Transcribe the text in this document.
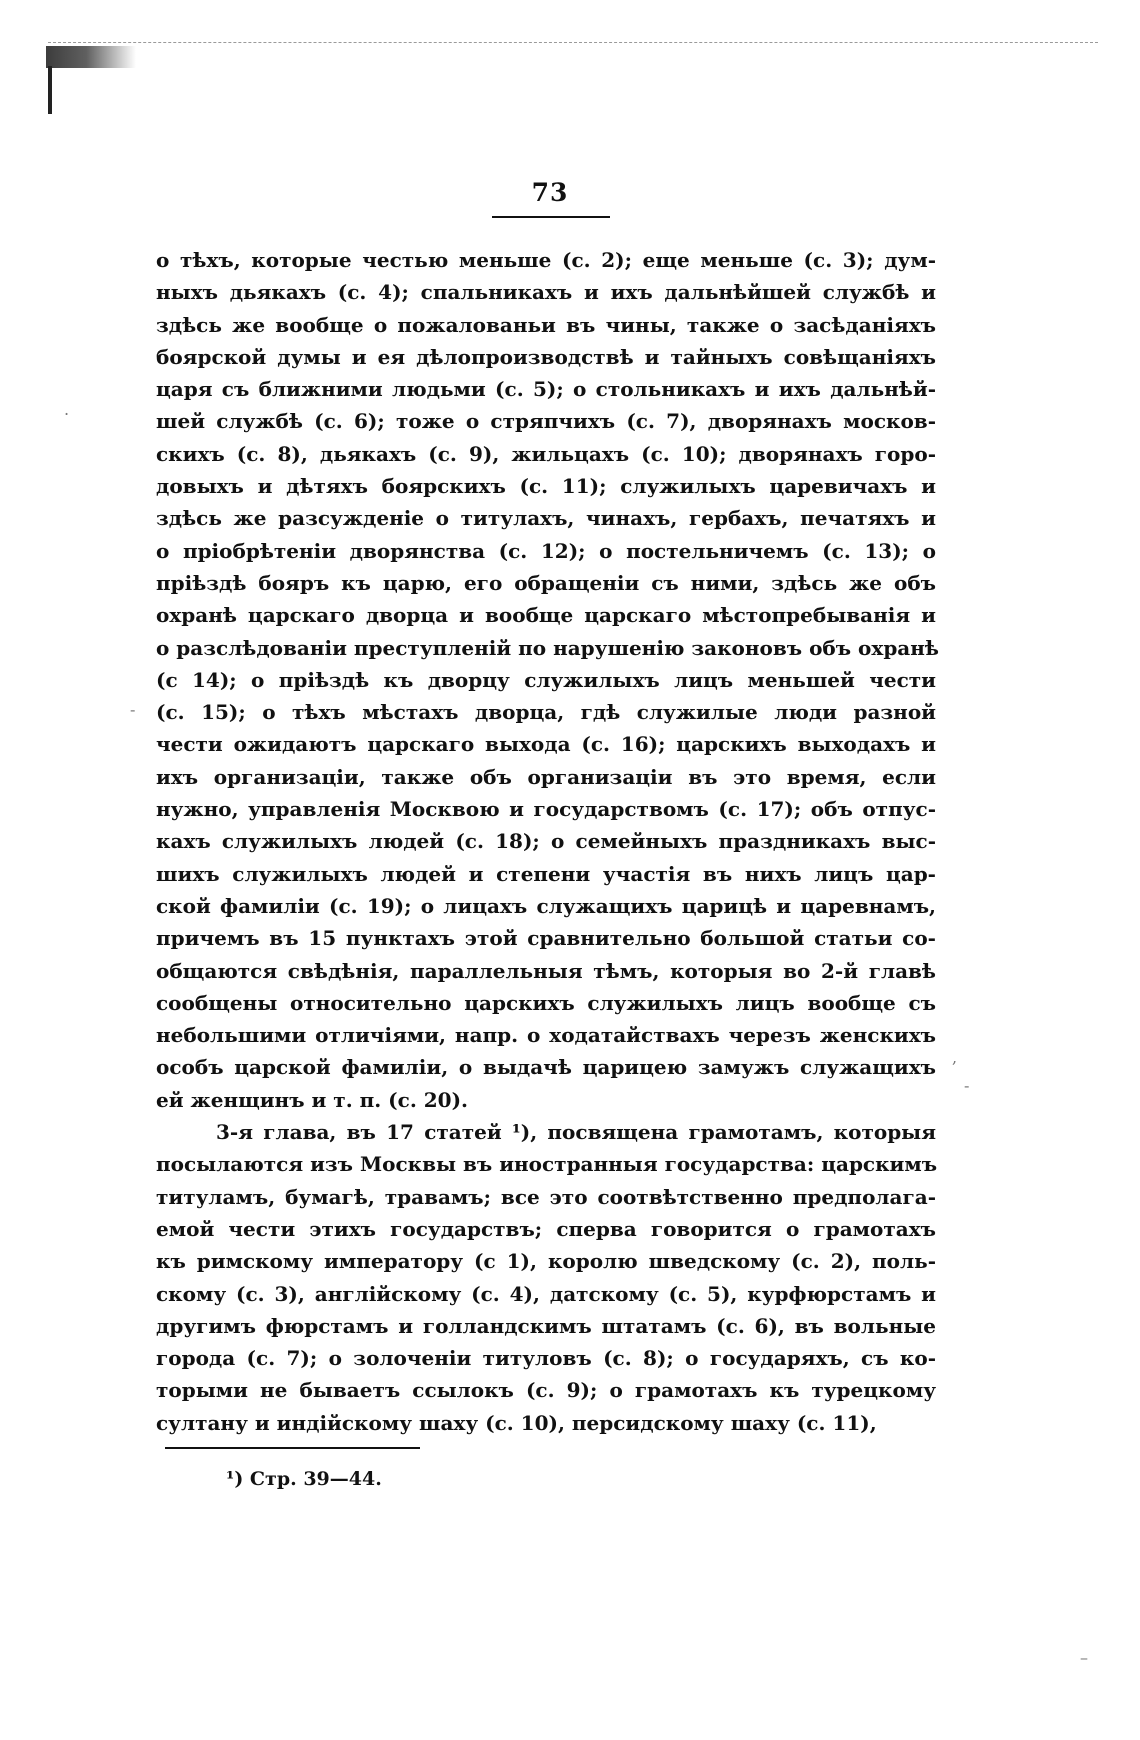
73
о тѣхъ, которые честью меньше (с. 2); еще меньше (с. 3); дум-
ныхъ дьякахъ (с. 4); спальникахъ и ихъ дальнѣйшей службѣ и
здѣсь же вообще о пожалованьи въ чины, также о засѣданіяхъ
боярской думы и ея дѣлопроизводствѣ и тайныхъ совѣщаніяхъ
царя съ ближними людьми (с. 5); о стольникахъ и ихъ дальнѣй-
шей службѣ (с. 6); тоже о стряпчихъ (с. 7), дворянахъ москов-
скихъ (с. 8), дьякахъ (с. 9), жильцахъ (с. 10); дворянахъ горо-
довыхъ и дѣтяхъ боярскихъ (с. 11); служилыхъ царевичахъ и
здѣсь же разсужденіе о титулахъ, чинахъ, гербахъ, печатяхъ и
о пріобрѣтеніи дворянства (с. 12); о постельничемъ (с. 13); о
пріѣздѣ бояръ къ царю, его обращеніи съ ними, здѣсь же объ
охранѣ царскаго дворца и вообще царскаго мѣстопребыванія и
о разслѣдованіи преступленій по нарушенію законовъ объ охранѣ
(с 14); о пріѣздѣ къ дворцу служилыхъ лицъ меньшей чести
(с. 15); о тѣхъ мѣстахъ дворца, гдѣ служилые люди разной
чести ожидаютъ царскаго выхода (с. 16); царскихъ выходахъ и
ихъ организаціи, также объ организаціи въ это время, если
нужно, управленія Москвою и государствомъ (с. 17); объ отпус-
кахъ служилыхъ людей (с. 18); о семейныхъ праздникахъ выс-
шихъ служилыхъ людей и степени участія въ нихъ лицъ цар-
ской фамиліи (с. 19); о лицахъ служащихъ царицѣ и царевнамъ,
причемъ въ 15 пунктахъ этой сравнительно большой статьи со-
общаются свѣдѣнія, параллельныя тѣмъ, которыя во 2-й главѣ
сообщены относительно царскихъ служилыхъ лицъ вообще съ
небольшими отличіями, напр. о ходатайствахъ черезъ женскихъ
особъ царской фамиліи, о выдачѣ царицею замужъ служащихъ
ей женщинъ и т. п. (с. 20).
3-я глава, въ 17 статей ¹), посвящена грамотамъ, которыя
посылаются изъ Москвы въ иностранныя государства: царскимъ
титуламъ, бумагѣ, травамъ; все это соотвѣтственно предполага-
емой чести этихъ государствъ; сперва говорится о грамотахъ
къ римскому императору (с 1), королю шведскому (с. 2), поль-
скому (с. 3), англійскому (с. 4), датскому (с. 5), курфюрстамъ и
другимъ фюрстамъ и голландскимъ штатамъ (с. 6), въ вольные
города (с. 7); о золоченіи титуловъ (с. 8); о государяхъ, съ ко-
торыми не бываетъ ссылокъ (с. 9); о грамотахъ къ турецкому
султану и индійскому шаху (с. 10), персидскому шаху (с. 11),
¹) Стр. 39—44.
.
-
,
-
–
